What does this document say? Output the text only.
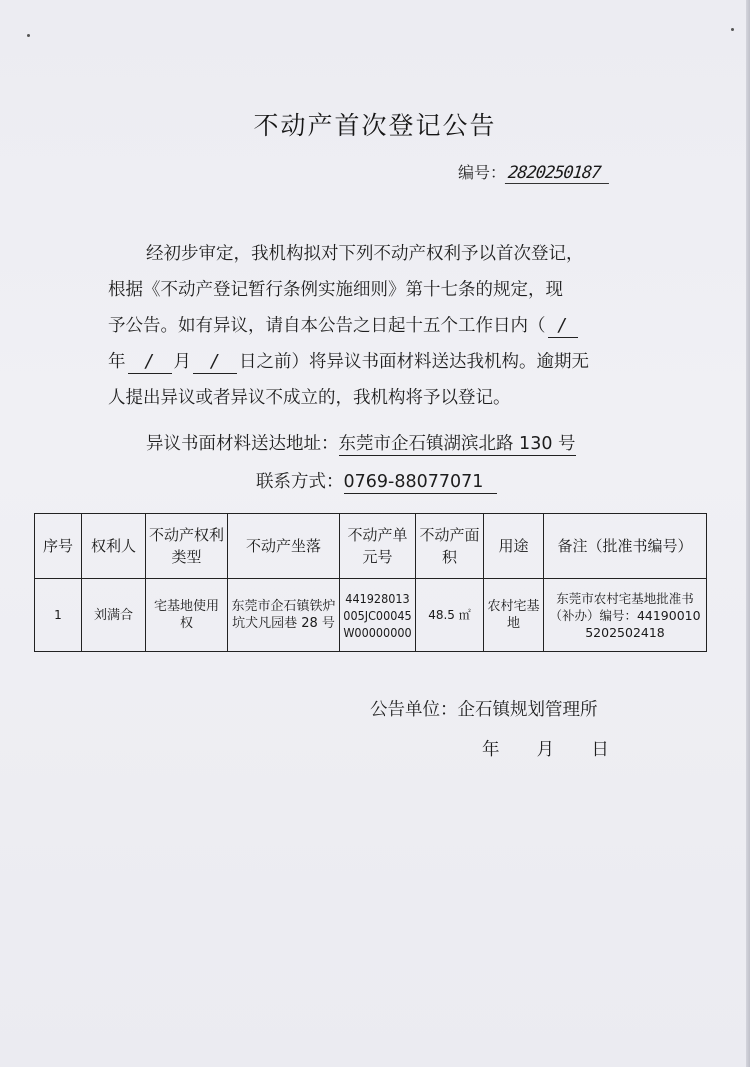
不动产首次登记公告
编号：2820250187
经初步审定，我机构拟对下列不动产权利予以首次登记，
根据《不动产登记暂行条例实施细则》第十七条的规定，现
予公告。如有异议，请自本公告之日起十五个工作日内（ /
年 / 月 / 日之前）将异议书面材料送达我机构。逾期无
人提出异议或者异议不成立的，我机构将予以登记。
异议书面材料送达地址：东莞市企石镇湖滨北路 130 号
联系方式：0769-88077071
序号	权利人	不动产权利类型	不动产坐落	不动产单元号	不动产面积	用途	备注（批准书编号）
1	刘满合	宅基地使用权	东莞市企石镇铁炉坑犬凡园巷 28 号	441928013005JC00045W00000000	48.5 ㎡	农村宅基地	东莞市农村宅基地批准书（补办）编号：441900105202502418
公告单位：企石镇规划管理所
年 月 日
